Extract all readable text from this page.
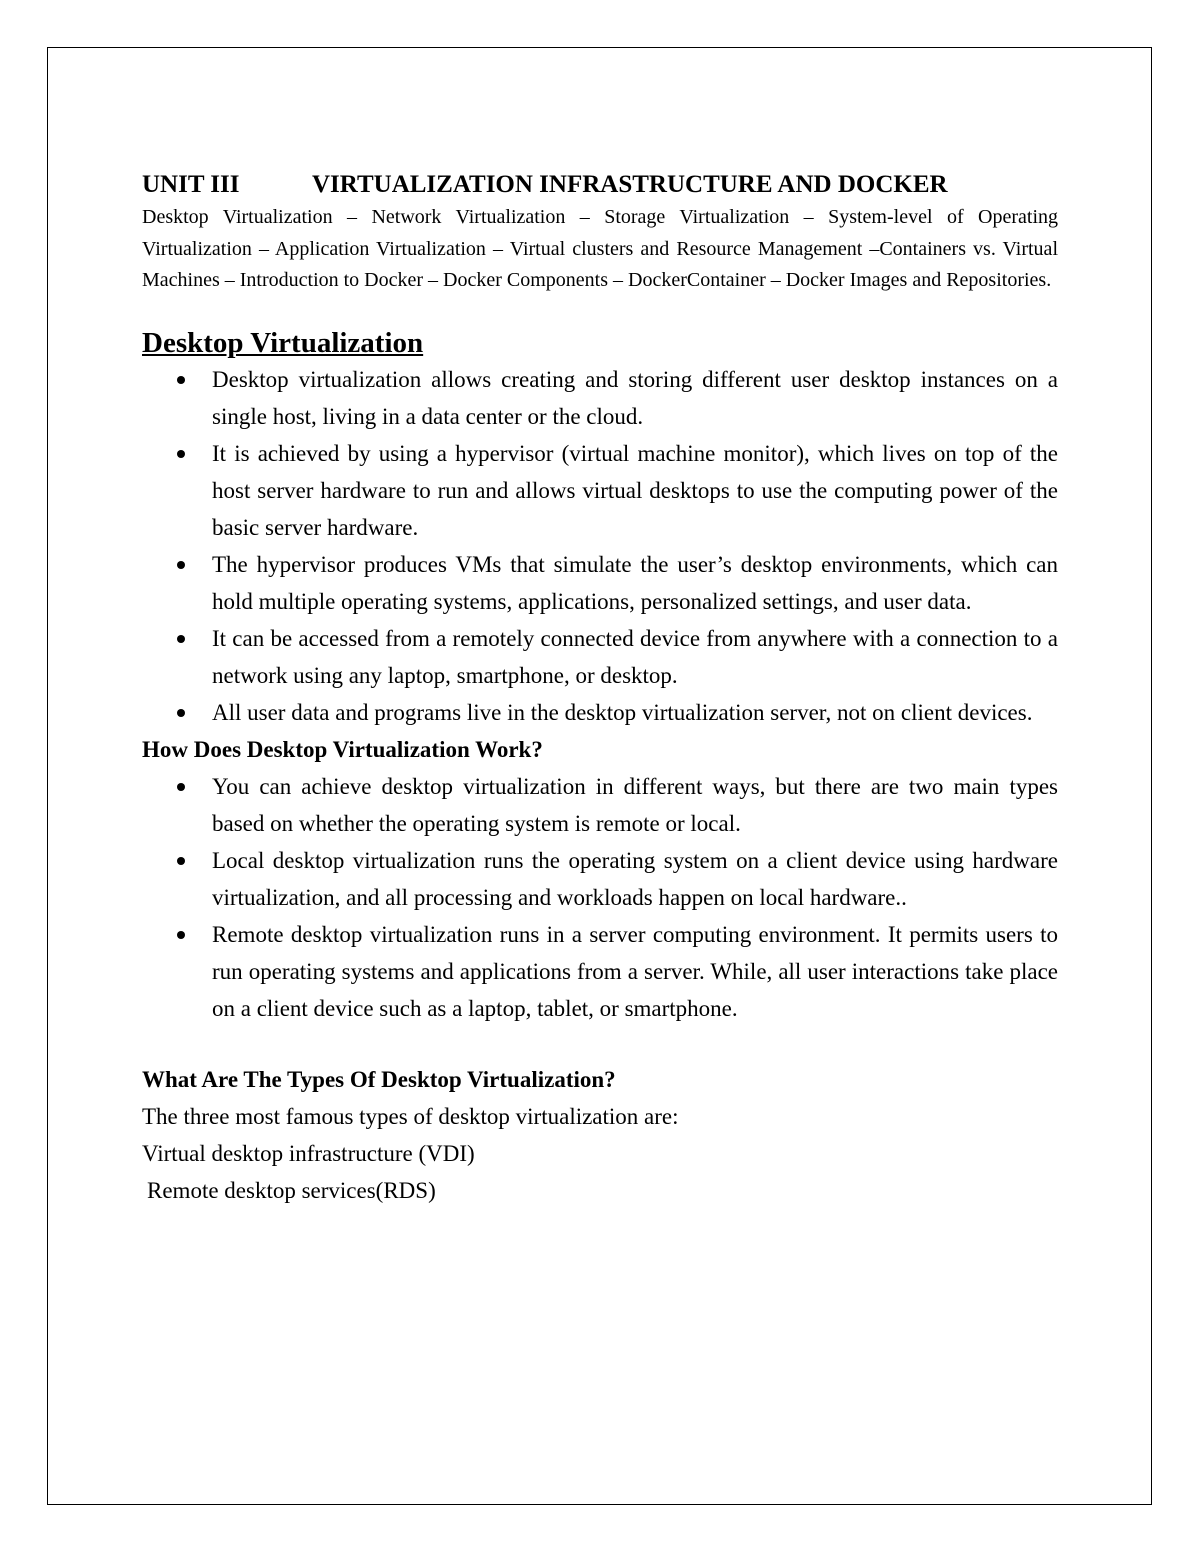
UNIT III	VIRTUALIZATION INFRASTRUCTURE AND DOCKER
Desktop Virtualization – Network Virtualization – Storage Virtualization – System-level of Operating Virtualization – Application Virtualization – Virtual clusters and Resource Management –Containers vs. Virtual Machines – Introduction to Docker – Docker Components – DockerContainer – Docker Images and Repositories.
Desktop Virtualization
Desktop virtualization allows creating and storing different user desktop instances on a single host, living in a data center or the cloud.
It is achieved by using a hypervisor (virtual machine monitor), which lives on top of the host server hardware to run and allows virtual desktops to use the computing power of the basic server hardware.
The hypervisor produces VMs that simulate the user’s desktop environments, which can hold multiple operating systems, applications, personalized settings, and user data.
It can be accessed from a remotely connected device from anywhere with a connection to a network using any laptop, smartphone, or desktop.
All user data and programs live in the desktop virtualization server, not on client devices.
How Does Desktop Virtualization Work?
You can achieve desktop virtualization in different ways, but there are two main types based on whether the operating system is remote or local.
Local desktop virtualization runs the operating system on a client device using hardware virtualization, and all processing and workloads happen on local hardware..
Remote desktop virtualization runs in a server computing environment. It permits users to run operating systems and applications from a server. While, all user interactions take place on a client device such as a laptop, tablet, or smartphone.
What Are The Types Of Desktop Virtualization?
The three most famous types of desktop virtualization are:
Virtual desktop infrastructure (VDI)
Remote desktop services(RDS)
